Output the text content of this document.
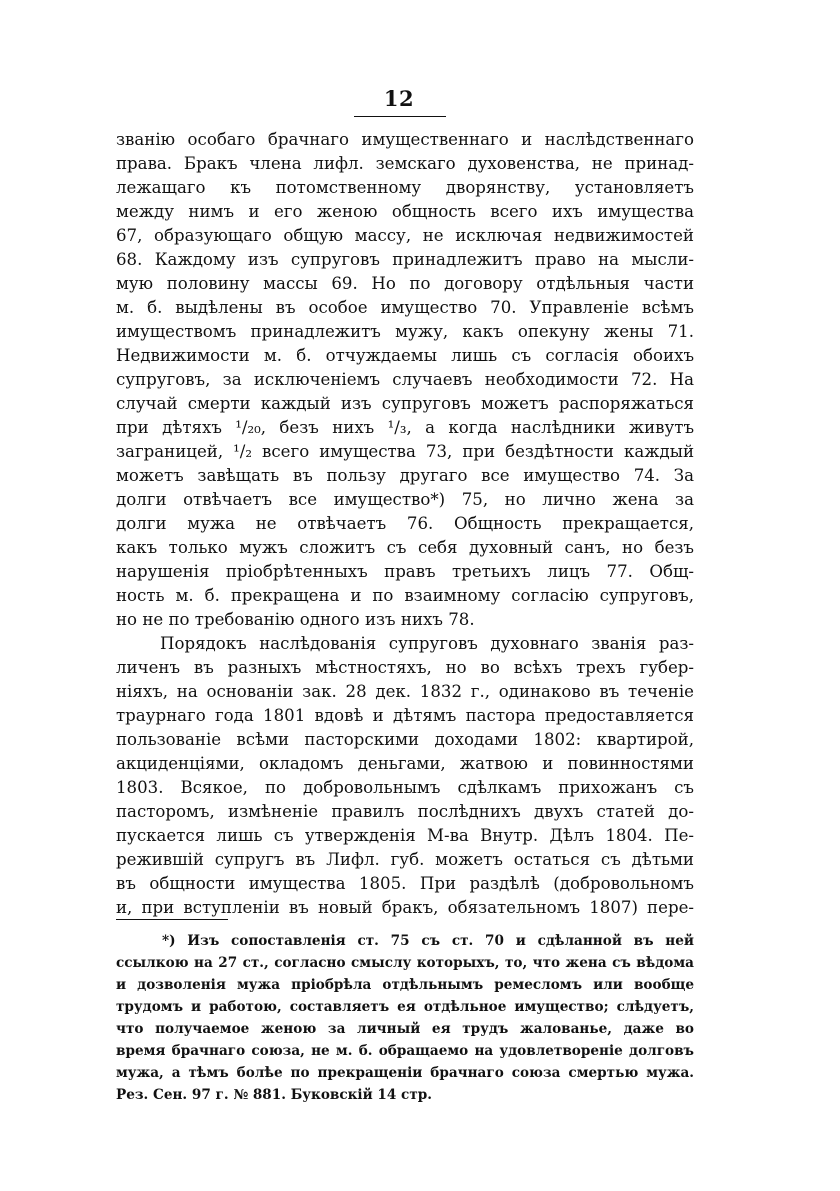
12
званію особаго брачнаго имущественнаго и наслѣдственнаго
права. Бракъ члена лифл. земскаго духовенства, не принад-
лежащаго къ потомственному дворянству, установляетъ
между нимъ и его женою общность всего ихъ имущества
67, образующаго общую массу, не исключая недвижимостей
68. Каждому изъ супруговъ принадлежитъ право на мысли-
мую половину массы 69. Но по договору отдѣльныя части
м. б. выдѣлены въ особое имущество 70. Управленіе всѣмъ
имуществомъ принадлежитъ мужу, какъ опекуну жены 71.
Недвижимости м. б. отчуждаемы лишь съ согласія обоихъ
супруговъ, за исключеніемъ случаевъ необходимости 72. На
случай смерти каждый изъ супруговъ можетъ распоряжаться
при дѣтяхъ ¹/₂₀, безъ нихъ ¹/₃, а когда наслѣдники живутъ
заграницей, ¹/₂ всего имущества 73, при бездѣтности каждый
можетъ завѣщать въ пользу другаго все имущество 74. За
долги отвѣчаетъ все имущество*) 75, но лично жена за
долги мужа не отвѣчаетъ 76. Общность прекращается,
какъ только мужъ сложитъ съ себя духовный санъ, но безъ
нарушенія пріобрѣтенныхъ правъ третьихъ лицъ 77. Общ-
ность м. б. прекращена и по взаимному согласію супруговъ,
но не по требованію одного изъ нихъ 78.
Порядокъ наслѣдованія супруговъ духовнаго званія раз-
личенъ въ разныхъ мѣстностяхъ, но во всѣхъ трехъ губер-
ніяхъ, на основаніи зак. 28 дек. 1832 г., одинаково въ теченіе
траурнаго года 1801 вдовѣ и дѣтямъ пастора предоставляется
пользованіе всѣми пасторскими доходами 1802: квартирой,
акциденціями, окладомъ деньгами, жатвою и повинностями
1803. Всякое, по добровольнымъ сдѣлкамъ прихожанъ съ
пасторомъ, измѣненіе правилъ послѣднихъ двухъ статей до-
пускается лишь съ утвержденія М-ва Внутр. Дѣлъ 1804. Пе-
режившій супругъ въ Лифл. губ. можетъ остаться съ дѣтьми
въ общности имущества 1805. При раздѣлѣ (добровольномъ
и, при вступленіи въ новый бракъ, обязательномъ 1807) пере-
*) Изъ сопоставленія ст. 75 съ ст. 70 и сдѣланной въ ней
ссылкою на 27 ст., согласно смыслу которыхъ, то, что жена съ вѣдома
и дозволенія мужа пріобрѣла отдѣльнымъ ремесломъ или вообще
трудомъ и работою, составляетъ ея отдѣльное имущество; слѣдуетъ,
что получаемое женою за личный ея трудъ жалованье, даже во
время брачнаго союза, не м. б. обращаемо на удовлетвореніе долговъ
мужа, а тѣмъ болѣе по прекращеніи брачнаго союза смертью мужа.
Рез. Сен. 97 г. № 881. Буковскій 14 стр.
